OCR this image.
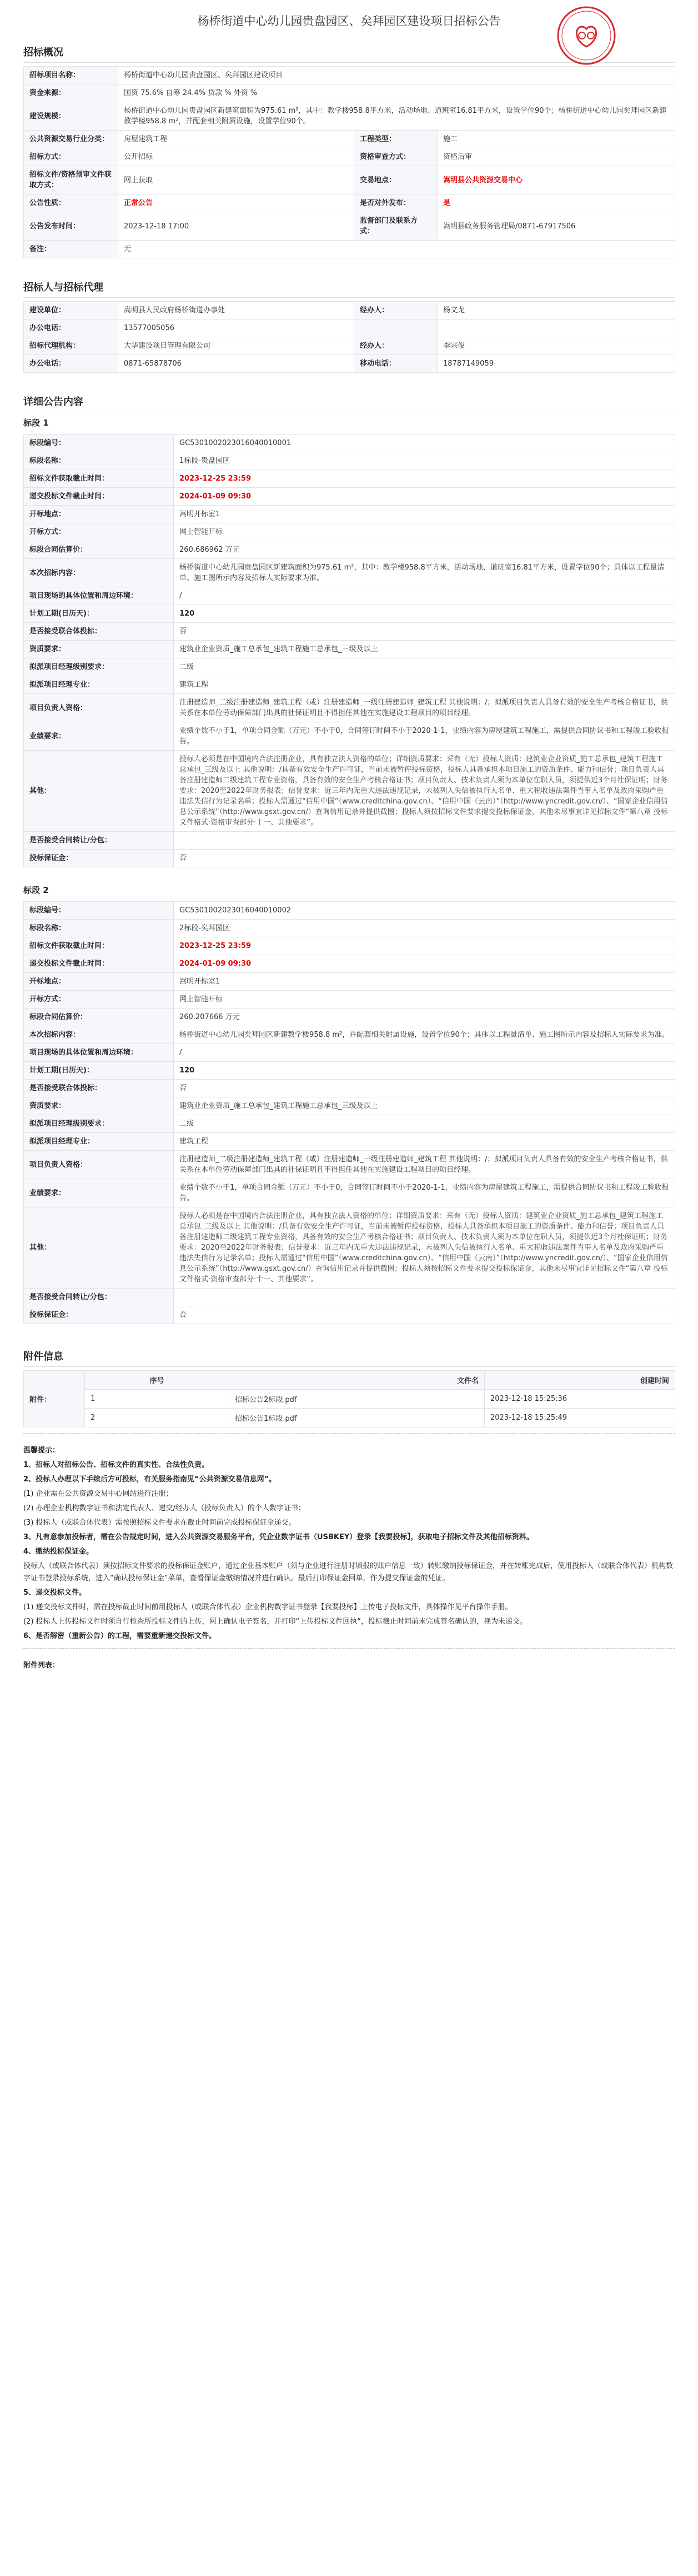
杨桥街道中心幼儿园贵盘园区、矣拜园区建设项目招标公告
招标概况
招标项目名称：	杨桥街道中心幼儿园贵盘园区、矣拜园区建设项目		
资金来源：	国资 75.6% 自筹 24.4% 贷款 % 外资 %		
建设规模：	杨桥街道中心幼儿园贵盘园区新建筑面积为975.61 m²，其中：教学楼958.8平方米，活动场地、道班室16.81平方米，设置学位90个；杨桥街道中心幼儿园矣拜园区新建教学楼958.8 m²，并配套相关附属设施，设置学位90个。		
公共资源交易行业分类：	房屋建筑工程	工程类型：	施工
招标方式：	公开招标	资格审查方式：	资格后审
招标文件/资格预审文件获取方式：	网上获取	交易地点：	嵩明县公共资源交易中心
公告性质：	正常公告	是否对外发布：	是
公告发布时间：	2023-12-18 17:00	监督部门及联系方式：	嵩明县政务服务管理局/0871-67917506
备注：	无		
招标人与招标代理
建设单位：	嵩明县人民政府杨桥街道办事处	经办人：	杨文龙
办公电话：	13577005056		
招标代理机构：	大华建设项目管理有限公司	经办人：	李宗俊
办公电话：	0871-65878706	移动电话：	18787149059
详细公告内容
标段 1
标段编号：	GC5301002023016040010001
标段名称：	1标段-贵盘园区
招标文件获取截止时间：	2023-12-25 23:59
递交投标文件截止时间：	2024-01-09 09:30
开标地点：	嵩明开标室1
开标方式：	网上智能开标
标段合同估算价：	260.686962 万元
本次招标内容：	杨桥街道中心幼儿园贵盘园区新建筑面积为975.61 m²，其中：教学楼958.8平方米，活动场地、道班室16.81平方米，设置学位90个；具体以工程量清单、施工图所示内容及招标人实际要求为准。
项目现场的具体位置和周边环境：	/
计划工期(日历天)：	120
是否接受联合体投标：	否
资质要求：	建筑业企业资质_施工总承包_建筑工程施工总承包_三级及以上
拟派项目经理级别要求：	二级
拟派项目经理专业：	建筑工程
项目负责人资格：	注册建造师_二级注册建造师_建筑工程（或）注册建造师_一级注册建造师_建筑工程 其他说明：/；拟派项目负责人具备有效的安全生产考核合格证书，供关系在本单位劳动保障部门出具的社保证明且不得担任其他在实施建设工程项目的项目经理。
业绩要求：	业绩个数不小于1，单项合同金额（万元）不小于0，合同签订时间不小于2020-1-1，业绩内容为房屋建筑工程施工，需提供合同协议书和工程竣工验收报告。
其他：	投标人必须是在中国境内合法注册企业，具有独立法人资格的单位；详细资质要求：采有（无）投标人资质：建筑业企业资质_施工总承包_建筑工程施工总承包_三级及以上 其他说明：/具备有效安全生产许可证，当前未被暂停投标资格，投标人具备承担本项目施工的资质条件、能力和信誉；项目负责人具备注册建造师二级建筑工程专业资格，具备有效的安全生产考核合格证书；项目负责人、技术负责人须为本单位在职人员，须提供近3个月社保证明；财务要求：2020至2022年财务报表；信誉要求：近三年内无重大违法违规记录，未被列入失信被执行人名单、重大税收违法案件当事人名单及政府采购严重违法失信行为记录名单；投标人需通过“信用中国”（www.creditchina.gov.cn）、“信用中国（云南）”（http://www.yncredit.gov.cn/）、“国家企业信用信息公示系统”（http://www.gsxt.gov.cn/）查询信用记录并提供截图；投标人须按招标文件要求提交投标保证金，其他未尽事宜详见招标文件“第八章 投标文件格式·资格审查部分·十一、其他要求”。
是否接受合同转让/分包：	
投标保证金：	否
标段 2
标段编号：	GC5301002023016040010002
标段名称：	2标段-矣拜园区
招标文件获取截止时间：	2023-12-25 23:59
递交投标文件截止时间：	2024-01-09 09:30
开标地点：	嵩明开标室1
开标方式：	网上智能开标
标段合同估算价：	260.207666 万元
本次招标内容：	杨桥街道中心幼儿园矣拜园区新建教学楼958.8 m²，并配套相关附属设施，设置学位90个；具体以工程量清单、施工图所示内容及招标人实际要求为准。
项目现场的具体位置和周边环境：	/
计划工期(日历天)：	120
是否接受联合体投标：	否
资质要求：	建筑业企业资质_施工总承包_建筑工程施工总承包_三级及以上
拟派项目经理级别要求：	二级
拟派项目经理专业：	建筑工程
项目负责人资格：	注册建造师_二级注册建造师_建筑工程（或）注册建造师_一级注册建造师_建筑工程 其他说明：/；拟派项目负责人具备有效的安全生产考核合格证书，供关系在本单位劳动保障部门出具的社保证明且不得担任其他在实施建设工程项目的项目经理。
业绩要求：	业绩个数不小于1，单项合同金额（万元）不小于0，合同签订时间不小于2020-1-1，业绩内容为房屋建筑工程施工，需提供合同协议书和工程竣工验收报告。
其他：	投标人必须是在中国境内合法注册企业，具有独立法人资格的单位；详细资质要求：采有（无）投标人资质：建筑业企业资质_施工总承包_建筑工程施工总承包_三级及以上 其他说明：/具备有效安全生产许可证，当前未被暂停投标资格，投标人具备承担本项目施工的资质条件、能力和信誉；项目负责人具备注册建造师二级建筑工程专业资格，具备有效的安全生产考核合格证书；项目负责人、技术负责人须为本单位在职人员，须提供近3个月社保证明；财务要求：2020至2022年财务报表；信誉要求：近三年内无重大违法违规记录，未被列入失信被执行人名单、重大税收违法案件当事人名单及政府采购严重违法失信行为记录名单；投标人需通过“信用中国”（www.creditchina.gov.cn）、“信用中国（云南）”（http://www.yncredit.gov.cn/）、“国家企业信用信息公示系统”（http://www.gsxt.gov.cn/）查询信用记录并提供截图；投标人须按招标文件要求提交投标保证金，其他未尽事宜详见招标文件“第八章 投标文件格式·资格审查部分·十一、其他要求”。
是否接受合同转让/分包：	
投标保证金：	否
附件信息
附件：	序号	文件名	创建时间
	1	招标公告2标段.pdf	2023-12-18 15:25:36
	2	招标公告1标段.pdf	2023-12-18 15:25:49

温馨提示：

1、招标人对招标公告、招标文件的真实性、合法性负责。

2、投标人办理以下手续后方可投标，有关服务指南见“公共资源交易信息网”。

(1) 企业需在公共资源交易中心网站进行注册；

(2) 办理企业机构数字证书和法定代表人、递交/经办人（投标负责人）的个人数字证书；

(3) 投标人（或联合体代表）需按照招标文件要求在截止时间前完成投标保证金递交。

3、凡有意参加投标者，需在公告规定时间，进入公共资源交易服务平台，凭企业数字证书（USBKEY）登录【我要投标】，获取电子招标文件及其他招标资料。

4、缴纳投标保证金。

投标人（或联合体代表）须按招标文件要求的投标保证金账户，通过企业基本账户（须与企业进行注册时填报的账户信息一致）转账缴纳投标保证金，并在转账完成后，使用投标人（或联合体代表）机构数字证书登录投标系统，进入“确认投标保证金”菜单，查看保证金缴纳情况并进行确认。最后打印保证金回单，作为提交保证金的凭证。

5、递交投标文件。

(1) 递交投标文件时，需在投标截止时间前用投标人（或联合体代表）企业机构数字证书登录【我要投标】上传电子投标文件，具体操作见平台操作手册。

(2) 投标人上传投标文件时须自行检查所投标文件的上传，网上确认电子签名，并打印“上传投标文件回执”，投标截止时间前未完成签名确认的，视为未递交。

6、是否解密（重新公告）的工程，需要重新递交投标文件。

附件列表：
